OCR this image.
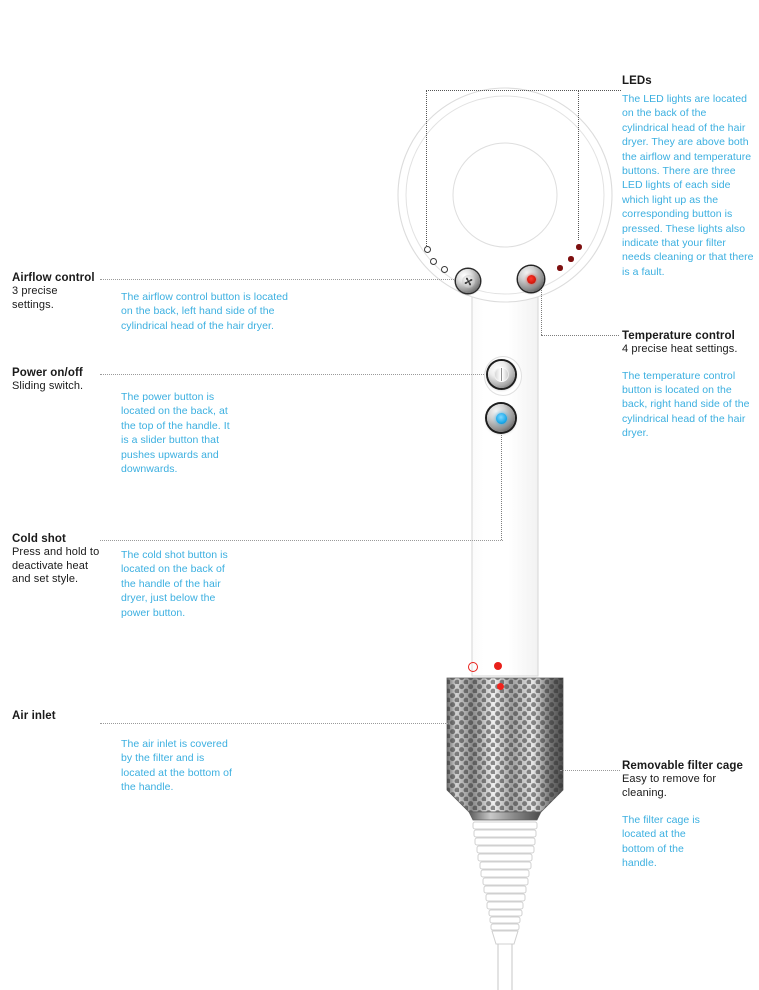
LEDs
The LED lights are located on the back of the cylindrical head of the hair dryer. They are above both the airflow and temperature buttons. There are three LED lights of each side which light up as the corresponding button is pressed. These lights also indicate that your filter needs cleaning or that there is a fault.
Temperature control
4 precise heat settings.
The temperature control button is located on the back, right hand side of the cylindrical head of the hair dryer.
Removable filter cage
Easy to remove for cleaning.
The filter cage is located at the bottom of the handle.
Airflow control
3 precise settings.
The airflow control button is located on the back, left hand side of the cylindrical head of the hair dryer.
Power on/off
Sliding switch.
The power button is located on the back, at the top of the handle. It is a slider button that pushes upwards and downwards.
Cold shot
Press and hold to deactivate heat and set style.
The cold shot button is located on the back of the handle of the hair dryer, just below the power button.
Air inlet
The air inlet is covered by the filter and is located at the bottom of the handle.
